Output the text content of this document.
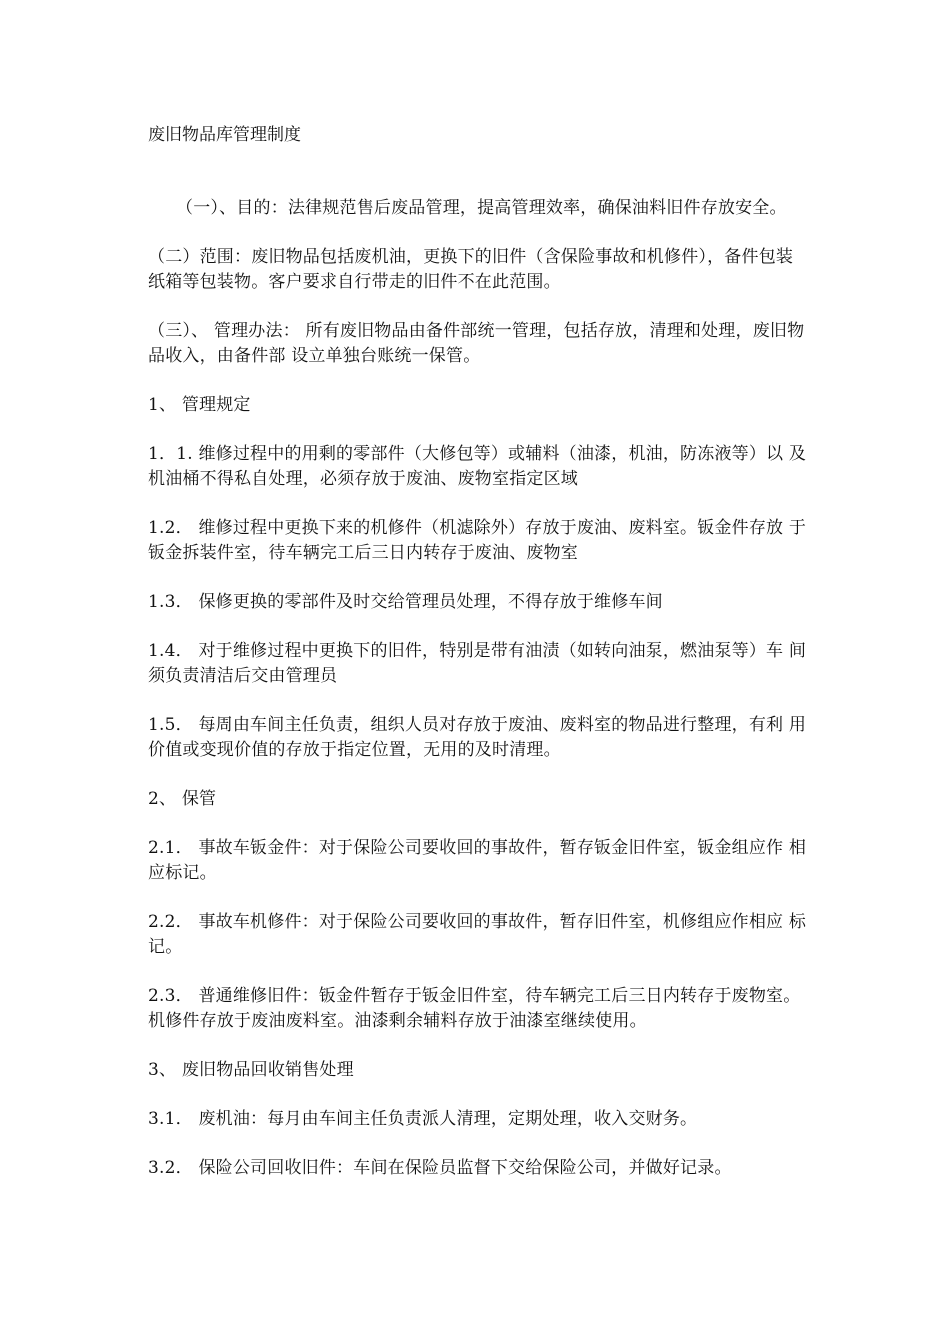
废旧物品库管理制度

（一）、目的：法律规范售后废品管理，提高管理效率，确保油料旧件存放安全。

（二）范围：废旧物品包括废机油，更换下的旧件（含保险事故和机修件），备件包装 纸箱等包装物。客户要求自行带走的旧件不在此范围。

（三）、 管理办法： 所有废旧物品由备件部统一管理，包括存放，清理和处理，废旧物品收入，由备件部 设立单独台账统一保管。

1、 管理规定

1．1. 维修过程中的用剩的零部件（大修包等）或辅料（油漆，机油，防冻液等）以 及机油桶不得私自处理，必须存放于废油、废物室指定区域

1.2． 维修过程中更换下来的机修件（机滤除外）存放于废油、废料室。钣金件存放 于钣金拆装件室，待车辆完工后三日内转存于废油、废物室

1.3． 保修更换的零部件及时交给管理员处理，不得存放于维修车间

1.4． 对于维修过程中更换下的旧件，特别是带有油渍（如转向油泵，燃油泵等）车 间须负责清洁后交由管理员

1.5． 每周由车间主任负责，组织人员对存放于废油、废料室的物品进行整理，有利 用价值或变现价值的存放于指定位置，无用的及时清理。

2、 保管

2.1． 事故车钣金件：对于保险公司要收回的事故件，暂存钣金旧件室，钣金组应作 相应标记。

2.2． 事故车机修件：对于保险公司要收回的事故件，暂存旧件室，机修组应作相应 标记。

2.3． 普通维修旧件：钣金件暂存于钣金旧件室，待车辆完工后三日内转存于废物室。 机修件存放于废油废料室。油漆剩余辅料存放于油漆室继续使用。

3、 废旧物品回收销售处理

3.1． 废机油：每月由车间主任负责派人清理，定期处理，收入交财务。

3.2． 保险公司回收旧件：车间在保险员监督下交给保险公司，并做好记录。
